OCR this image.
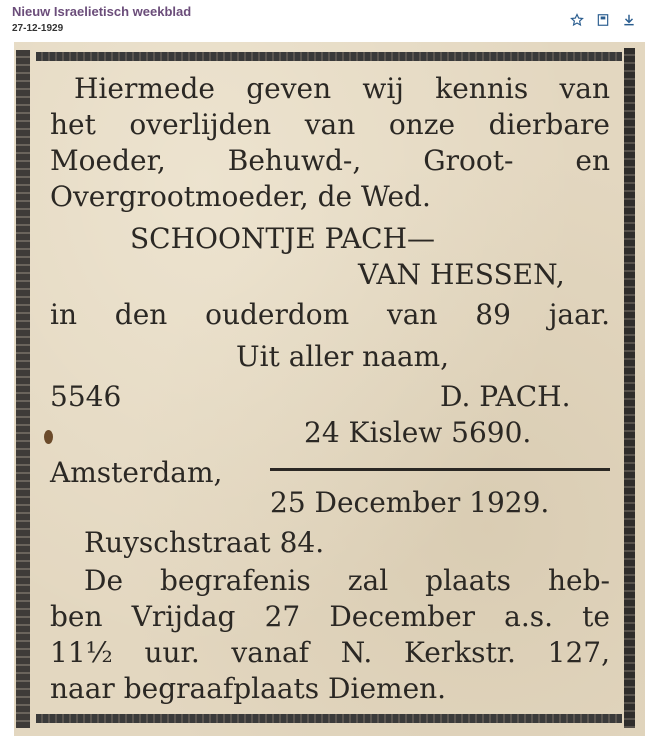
Nieuw Israelietisch weekblad
27-12-1929
Hiermede geven wij kennis van
het overlijden van onze dierbare
Moeder, Behuwd-, Groot- en
Overgrootmoeder, de Wed.
SCHOONTJE PACH—
VAN HESSEN,
in den ouderdom van 89 jaar.
Uit aller naam,
5546	D. PACH.
24 Kislew 5690.
Amsterdam,
25 December 1929.
Ruyschstraat 84.
De begrafenis zal plaats heb-
ben Vrijdag 27 December a.s. te
11½ uur. vanaf N. Kerkstr. 127,
naar begraafplaats Diemen.
